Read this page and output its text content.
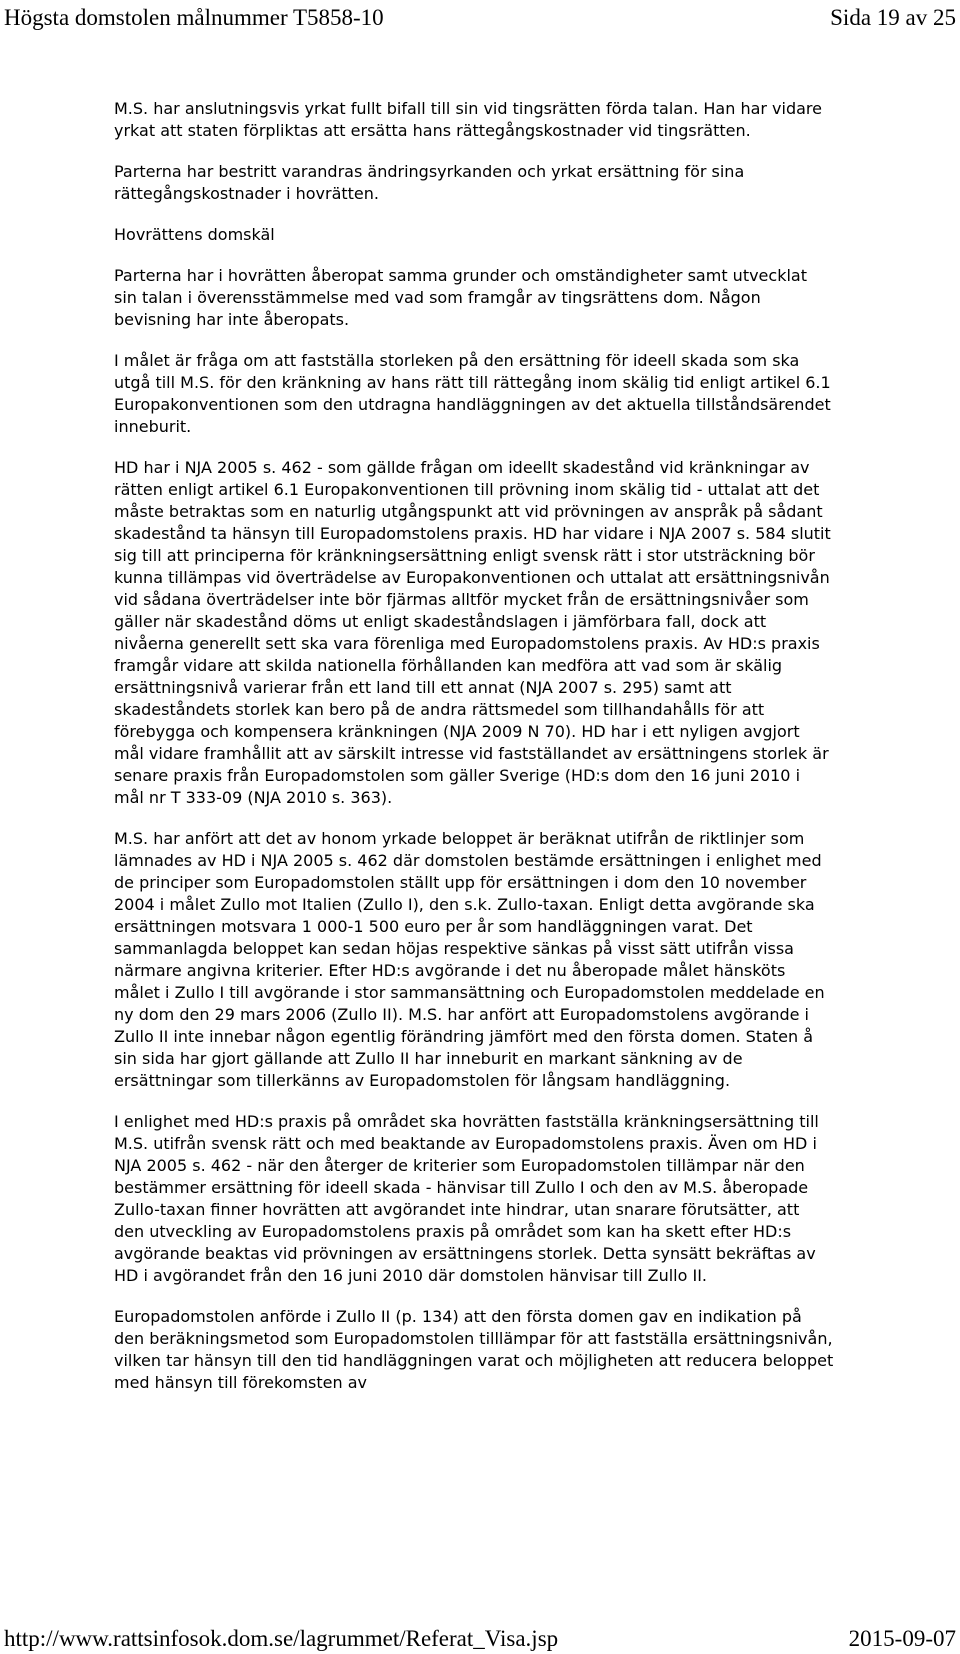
Högsta domstolen målnummer T5858-10	Sida 19 av 25

M.S. har anslutningsvis yrkat fullt bifall till sin vid tingsrätten förda talan. Han har vidare yrkat att staten förpliktas att ersätta hans rättegångskostnader vid tingsrätten.

Parterna har bestritt varandras ändringsyrkanden och yrkat ersättning för sina rättegångskostnader i hovrätten.

Hovrättens domskäl

Parterna har i hovrätten åberopat samma grunder och omständigheter samt utvecklat sin talan i överensstämmelse med vad som framgår av tingsrättens dom. Någon bevisning har inte åberopats.

I målet är fråga om att fastställa storleken på den ersättning för ideell skada som ska utgå till M.S. för den kränkning av hans rätt till rättegång inom skälig tid enligt artikel 6.1 Europakonventionen som den utdragna handläggningen av det aktuella tillståndsärendet inneburit.

HD har i NJA 2005 s. 462 - som gällde frågan om ideellt skadestånd vid kränkningar av rätten enligt artikel 6.1 Europakonventionen till prövning inom skälig tid - uttalat att det måste betraktas som en naturlig utgångspunkt att vid prövningen av anspråk på sådant skadestånd ta hänsyn till Europadomstolens praxis. HD har vidare i NJA 2007 s. 584 slutit sig till att principerna för kränkningsersättning enligt svensk rätt i stor utsträckning bör kunna tillämpas vid överträdelse av Europakonventionen och uttalat att ersättningsnivån vid sådana överträdelser inte bör fjärmas alltför mycket från de ersättningsnivåer som gäller när skadestånd döms ut enligt skadeståndslagen i jämförbara fall, dock att nivåerna generellt sett ska vara förenliga med Europadomstolens praxis. Av HD:s praxis framgår vidare att skilda nationella förhållanden kan medföra att vad som är skälig ersättningsnivå varierar från ett land till ett annat (NJA 2007 s. 295) samt att skadeståndets storlek kan bero på de andra rättsmedel som tillhandahålls för att förebygga och kompensera kränkningen (NJA 2009 N 70). HD har i ett nyligen avgjort mål vidare framhållit att av särskilt intresse vid fastställandet av ersättningens storlek är senare praxis från Europadomstolen som gäller Sverige (HD:s dom den 16 juni 2010 i mål nr T 333-09 (NJA 2010 s. 363).

M.S. har anfört att det av honom yrkade beloppet är beräknat utifrån de riktlinjer som lämnades av HD i NJA 2005 s. 462 där domstolen bestämde ersättningen i enlighet med de principer som Europadomstolen ställt upp för ersättningen i dom den 10 november 2004 i målet Zullo mot Italien (Zullo I), den s.k. Zullo-taxan. Enligt detta avgörande ska ersättningen motsvara 1 000-1 500 euro per år som handläggningen varat. Det sammanlagda beloppet kan sedan höjas respektive sänkas på visst sätt utifrån vissa närmare angivna kriterier. Efter HD:s avgörande i det nu åberopade målet hänsköts målet i Zullo I till avgörande i stor sammansättning och Europadomstolen meddelade en ny dom den 29 mars 2006 (Zullo II). M.S. har anfört att Europadomstolens avgörande i Zullo II inte innebar någon egentlig förändring jämfört med den första domen. Staten å sin sida har gjort gällande att Zullo II har inneburit en markant sänkning av de ersättningar som tillerkänns av Europadomstolen för långsam handläggning.

I enlighet med HD:s praxis på området ska hovrätten fastställa kränkningsersättning till M.S. utifrån svensk rätt och med beaktande av Europadomstolens praxis. Även om HD i NJA 2005 s. 462 - när den återger de kriterier som Europadomstolen tillämpar när den bestämmer ersättning för ideell skada - hänvisar till Zullo I och den av M.S. åberopade Zullo-taxan finner hovrätten att avgörandet inte hindrar, utan snarare förutsätter, att den utveckling av Europadomstolens praxis på området som kan ha skett efter HD:s avgörande beaktas vid prövningen av ersättningens storlek. Detta synsätt bekräftas av HD i avgörandet från den 16 juni 2010 där domstolen hänvisar till Zullo II.

Europadomstolen anförde i Zullo II (p. 134) att den första domen gav en indikation på den beräkningsmetod som Europadomstolen tilllämpar för att fastställa ersättningsnivån, vilken tar hänsyn till den tid handläggningen varat och möjligheten att reducera beloppet med hänsyn till förekomsten av

http://www.rattsinfosok.dom.se/lagrummet/Referat_Visa.jsp	2015-09-07
